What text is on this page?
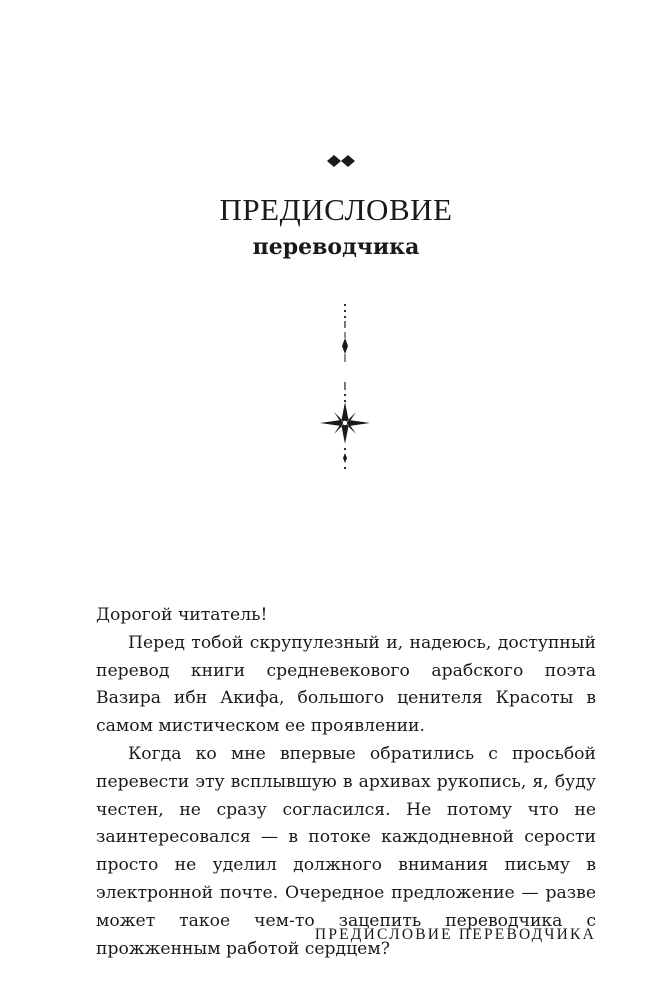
ПРЕДИСЛОВИЕ
переводчика

Дорогой читатель!

Перед тобой скрупулезный и, надеюсь, доступный перевод книги средневекового арабского поэта Вазира ибн Акифа, большого ценителя Красоты в самом мистическом ее проявлении.

Когда ко мне впервые обратились с просьбой перевести эту всплывшую в архивах рукопись, я, буду честен, не сразу согласился. Не потому что не заинтересовался — в потоке каждодневной серости просто не уделил должного внимания письму в электронной почте. Очередное предложение — разве может такое чем-то зацепить переводчика с прожженным работой сердцем?

ПРЕДИСЛОВИЕ ПЕРЕВОДЧИКА
